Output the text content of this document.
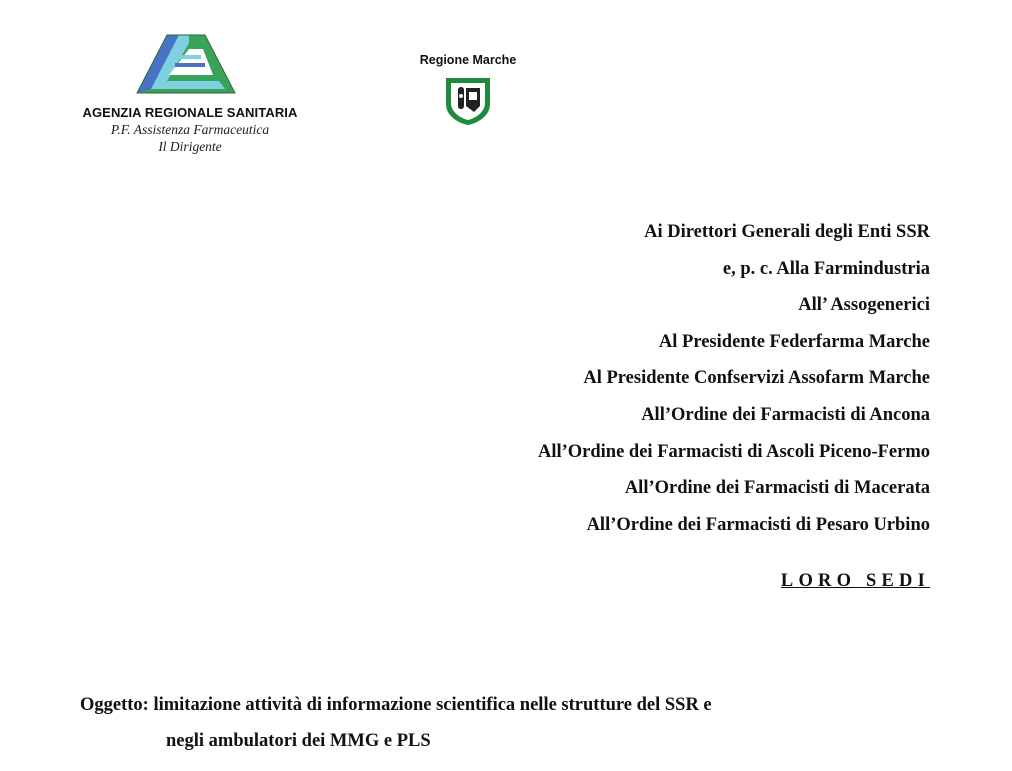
AGENZIA REGIONALE SANITARIA
P.F. Assistenza Farmaceutica
Il Dirigente
Regione Marche
Ai Direttori Generali degli Enti SSR
e, p. c. Alla Farmindustria
All’ Assogenerici
Al Presidente Federfarma Marche
Al Presidente Confservizi Assofarm Marche
All’Ordine dei Farmacisti di Ancona
All’Ordine dei Farmacisti di Ascoli Piceno-Fermo
All’Ordine dei Farmacisti di Macerata
All’Ordine dei Farmacisti di Pesaro Urbino
LORO SEDI
Oggetto: limitazione attività di informazione scientifica nelle strutture del SSR e
negli ambulatori dei MMG e PLS
